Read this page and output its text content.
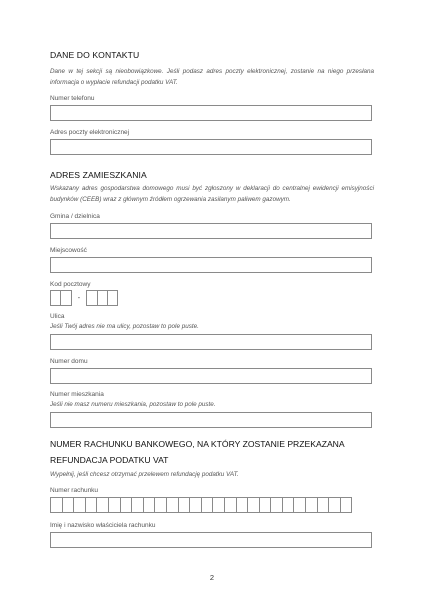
DANE DO KONTAKTU
Dane w tej sekcji są nieobowiązkowe. Jeśli podasz adres poczty elektronicznej, zostanie na niego przesłana informacja o wypłacie refundacji podatku VAT.
Numer telefonu
Adres poczty elektronicznej
ADRES ZAMIESZKANIA
Wskazany adres gospodarstwa domowego musi być zgłoszony w deklaracji do centralnej ewidencji emisyjności budynków (CEEB) wraz z głównym źródłem ogrzewania zasilanym paliwem gazowym.
Gmina / dzielnica
Miejscowość
Kod pocztowy
-
Ulica
Jeśli Twój adres nie ma ulicy, pozostaw to pole puste.
Numer domu
Numer mieszkania
Jeśli nie masz numeru mieszkania, pozostaw to pole puste.
NUMER RACHUNKU BANKOWEGO, NA KTÓRY ZOSTANIE PRZEKAZANA REFUNDACJA PODATKU VAT
Wypełnij, jeśli chcesz otrzymać przelewem refundację podatku VAT.
Numer rachunku
Imię i nazwisko właściciela rachunku
2
